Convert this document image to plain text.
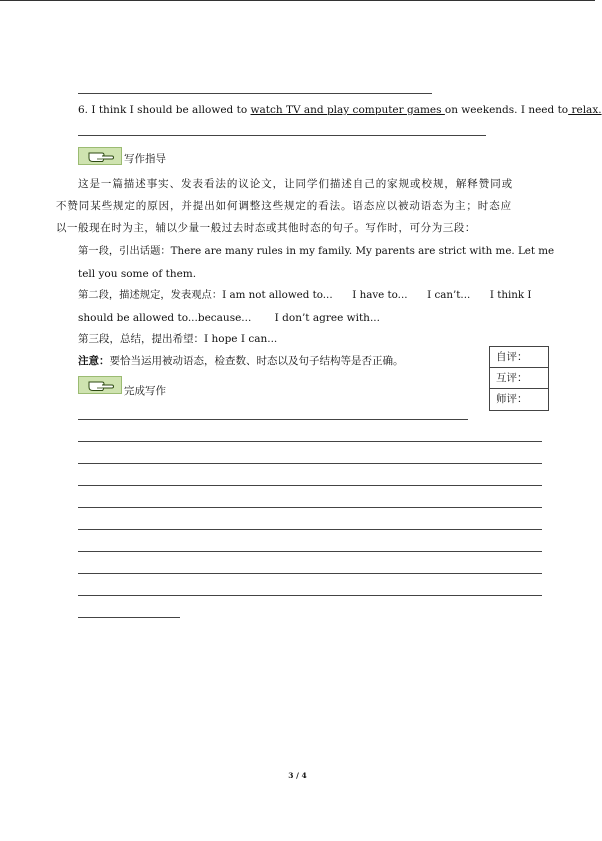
6. I think I should be allowed to watch TV and play computer games on weekends. I need to relax.
写作指导
这是一篇描述事实、发表看法的议论文，让同学们描述自己的家规或校规，解释赞同或
不赞同某些规定的原因，并提出如何调整这些规定的看法。语态应以被动语态为主；时态应
以一般现在时为主，辅以少量一般过去时态或其他时态的句子。写作时，可分为三段：
第一段，引出话题：There are many rules in my family. My parents are strict with me. Let me
tell you some of them.
第二段，描述规定，发表观点：I am not allowed to...      I have to...      I can’t...      I think I
should be allowed to...because...       I don’t agree with...
第三段，总结，提出希望：I hope I can...
注意：要恰当运用被动语态，检查数、时态以及句子结构等是否正确。	自评：
互评：
师评：
完成写作
3 / 4
